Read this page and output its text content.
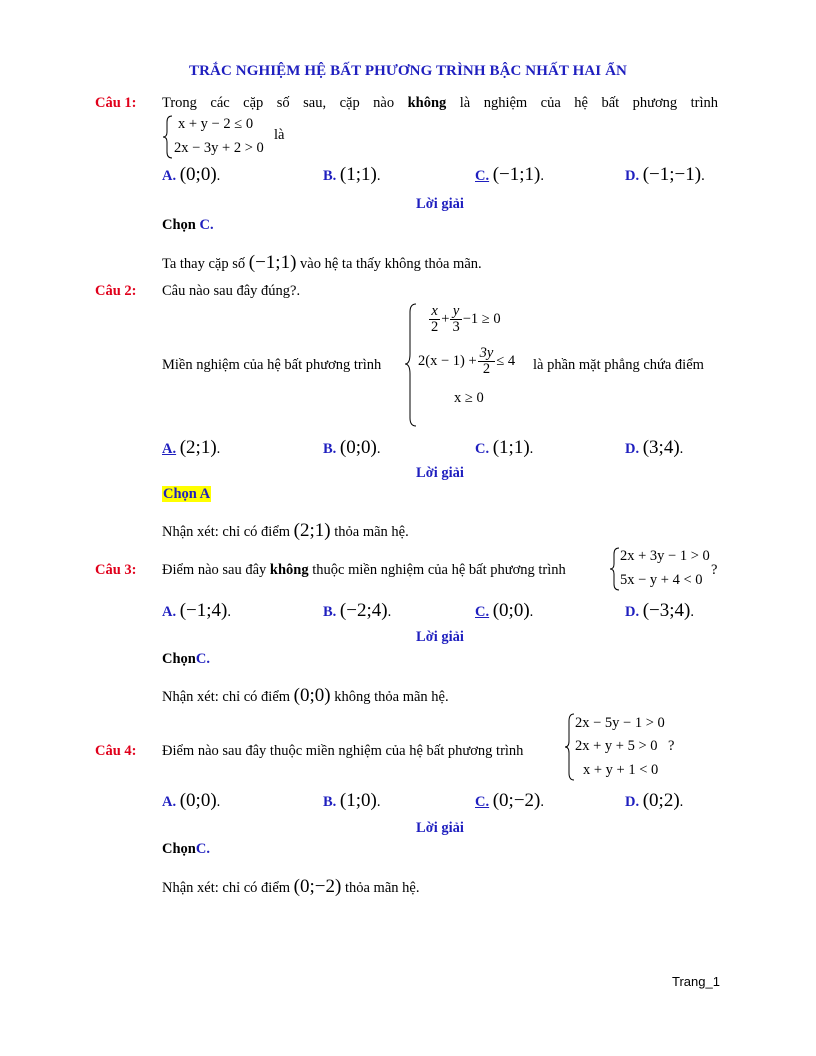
TRẮC NGHIỆM HỆ BẤT PHƯƠNG TRÌNH BẬC NHẤT HAI ẨN
Câu 1: Trong các cặp số sau, cặp nào không là nghiệm của hệ bất phương trình
x + y − 2 ≤ 0
2x − 3y + 2 > 0
là
A. (0;0).	B. (1;1).	C. (−1;1).	D. (−1;−1).
Lời giải
Chọn C.
Ta thay cặp số (−1;1) vào hệ ta thấy không thỏa mãn.
Câu 2: Câu nào sau đây đúng?.
Miền nghiệm của hệ bất phương trình
$\frac{x}{2} + \frac{y}{3} -1 \ge 0$
$2(x - 1) + \frac{3y}{2} \le 4$
x ≥ 0
là phần mặt phẳng chứa điểm
A. (2;1).	B. (0;0).	C. (1;1).	D. (3;4).
Lời giải
Chọn A
Nhận xét: chỉ có điểm (2;1) thỏa mãn hệ.
Câu 3: Điểm nào sau đây không thuộc miền nghiệm của hệ bất phương trình
2x + 3y − 1 > 0
5x − y + 4 < 0
?
A. (−1;4).	B. (−2;4).	C. (0;0).	D. (−3;4).
Lời giải
ChọnC.
Nhận xét: chỉ có điểm (0;0) không thỏa mãn hệ.
Câu 4: Điểm nào sau đây thuộc miền nghiệm của hệ bất phương trình
2x − 5y − 1 > 0
2x + y + 5 > 0
x + y + 1 < 0
?
A. (0;0).	B. (1;0).	C. (0;−2).	D. (0;2).
Lời giải
ChọnC.
Nhận xét: chỉ có điểm (0;−2) thỏa mãn hệ.
Trang_1
